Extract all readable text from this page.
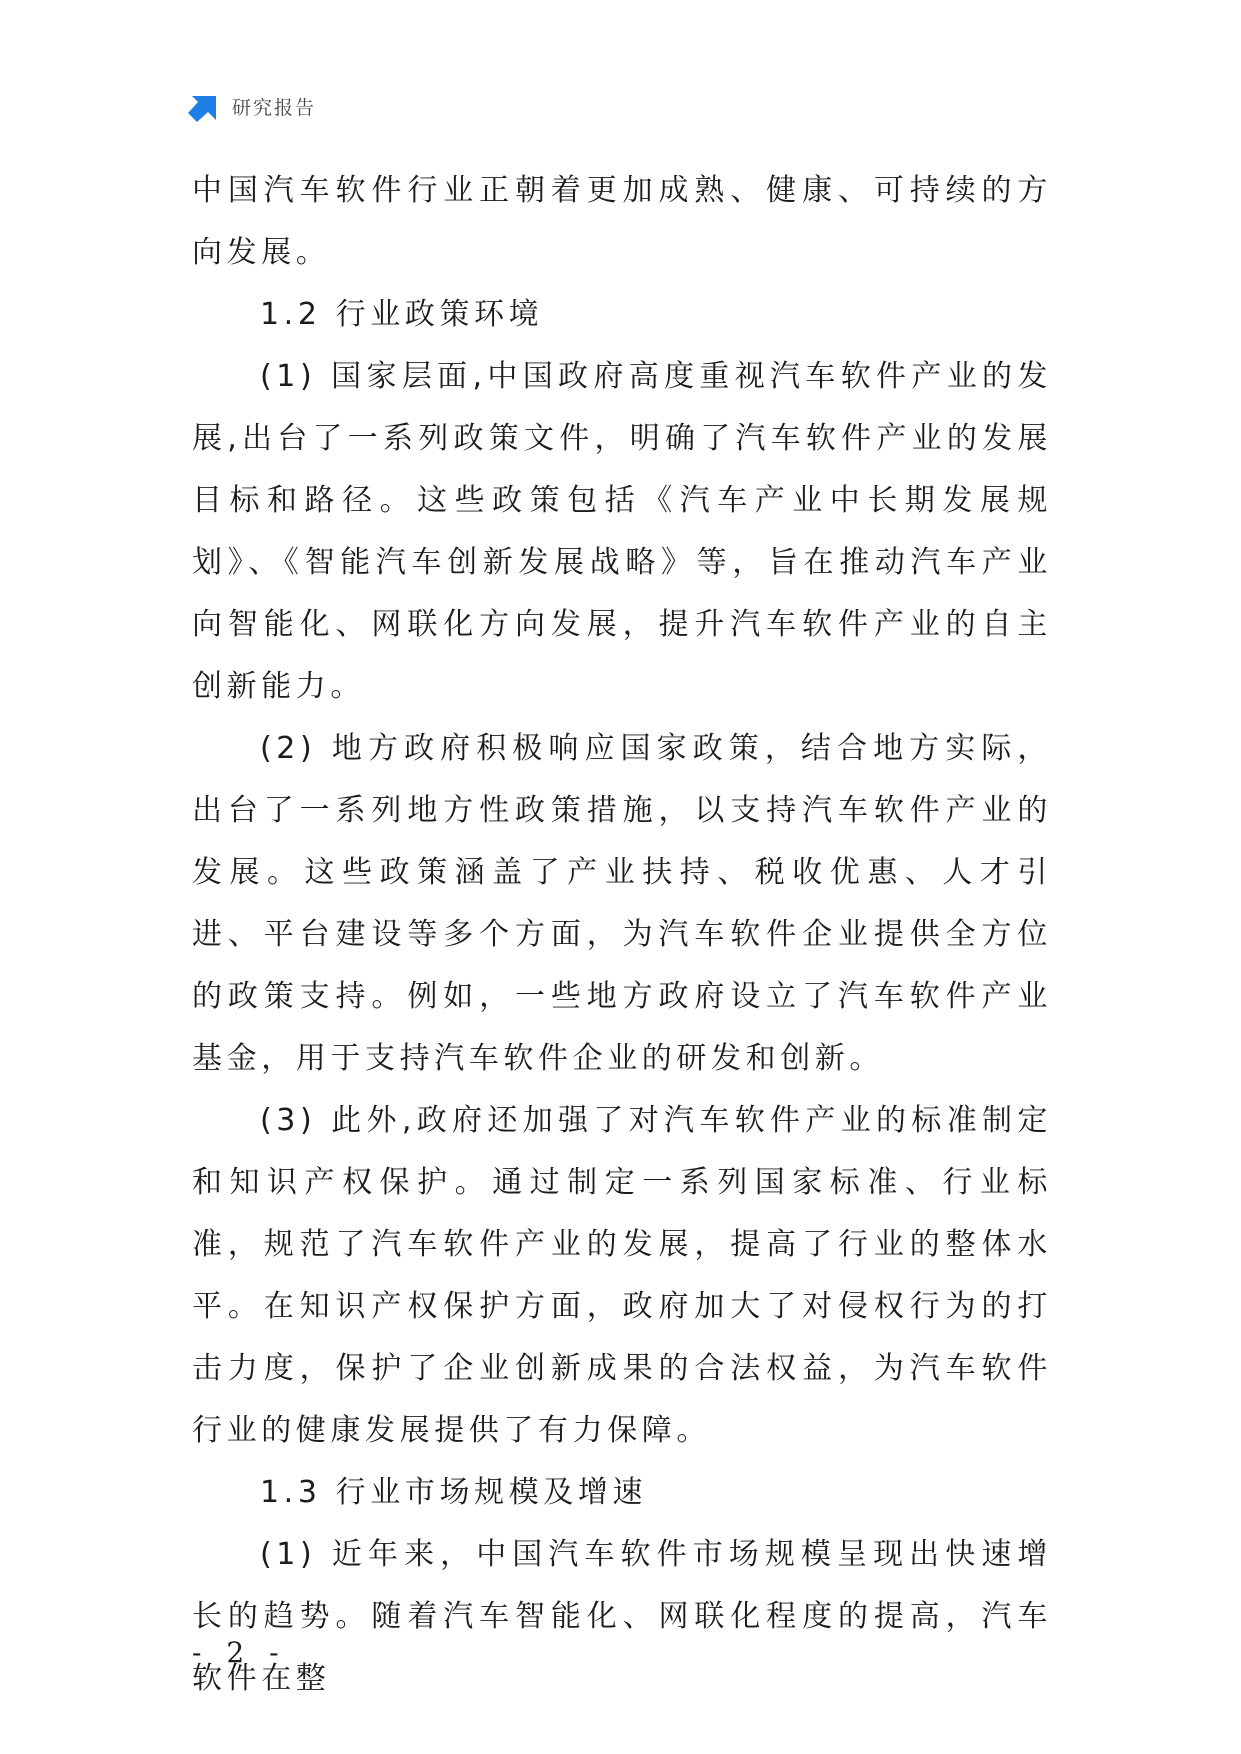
研究报告

中国汽车软件行业正朝着更加成熟、健康、可持续的方向发展。

1.2 行业政策环境

(1) 国家层面,中国政府高度重视汽车软件产业的发展,出台了一系列政策文件，明确了汽车软件产业的发展目标和路径。这些政策包括《汽车产业中长期发展规划》、《智能汽车创新发展战略》等，旨在推动汽车产业向智能化、网联化方向发展，提升汽车软件产业的自主创新能力。

(2) 地方政府积极响应国家政策，结合地方实际，出台了一系列地方性政策措施，以支持汽车软件产业的发展。这些政策涵盖了产业扶持、税收优惠、人才引进、平台建设等多个方面，为汽车软件企业提供全方位的政策支持。例如，一些地方政府设立了汽车软件产业基金，用于支持汽车软件企业的研发和创新。

(3) 此外,政府还加强了对汽车软件产业的标准制定和知识产权保护。通过制定一系列国家标准、行业标准，规范了汽车软件产业的发展，提高了行业的整体水平。在知识产权保护方面，政府加大了对侵权行为的打击力度，保护了企业创新成果的合法权益，为汽车软件行业的健康发展提供了有力保障。

1.3 行业市场规模及增速

(1) 近年来，中国汽车软件市场规模呈现出快速增长的趋势。随着汽车智能化、网联化程度的提高，汽车软件在整

- 2 -
